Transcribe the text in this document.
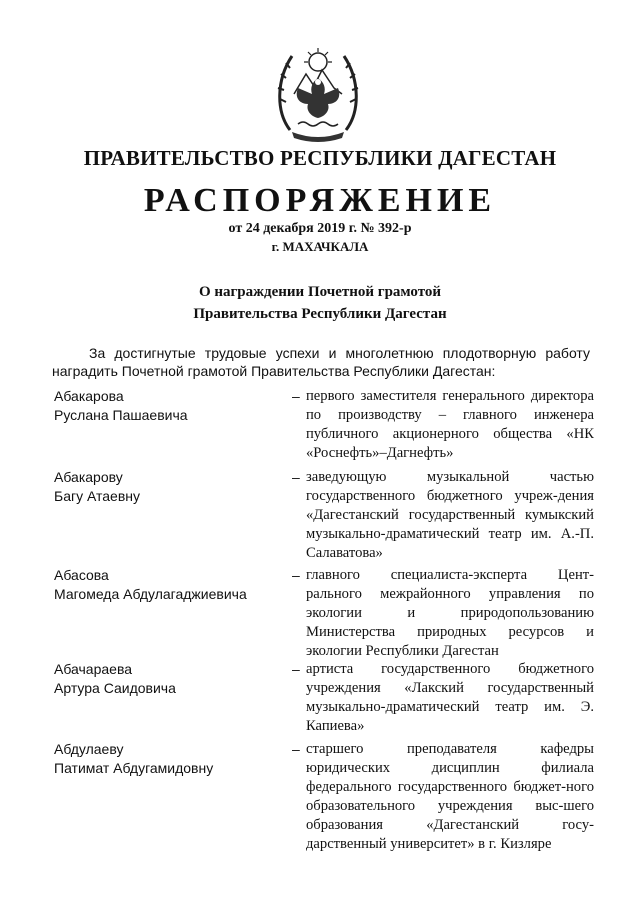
ПРАВИТЕЛЬСТВО РЕСПУБЛИКИ ДАГЕСТАН
РАСПОРЯЖЕНИЕ
от 24 декабря 2019 г. № 392-р
г. МАХАЧКАЛА
О награждении Почетной грамотой
Правительства Республики Дагестан
За достигнутые трудовые успехи и многолетнюю плодотворную работу наградить Почетной грамотой Правительства Республики Дагестан:
Абакарова
Руслана Пашаевича
– первого заместителя генерального директора по производству – главного инженера публичного акционерного общества «НК «Роснефть»–Дагнефть»
Абакарову
Багу Атаевну
– заведующую музыкальной частью государственного бюджетного учреж-дения «Дагестанский государственный кумыкский музыкально-драматический театр им. А.-П. Салаватова»
Абасова
Магомеда Абдулагаджиевича
– главного специалиста-эксперта Цент-рального межрайонного управления по экологии и природопользованию Министерства природных ресурсов и экологии Республики Дагестан
Абачараева
Артура Саидовича
– артиста государственного бюджетного учреждения «Лакский государственный музыкально-драматический театр им. Э. Капиева»
Абдулаеву
Патимат Абдугамидовну
– старшего преподавателя кафедры юридических дисциплин филиала федерального государственного бюджет-ного образовательного учреждения выс-шего образования «Дагестанский госу-дарственный университет» в г. Кизляре
